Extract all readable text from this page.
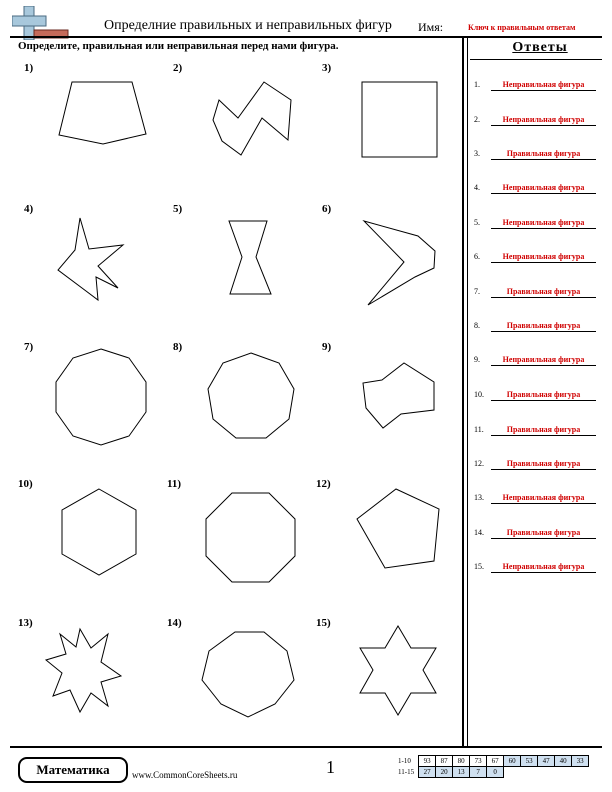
Определние правильных и неправильных фигур Имя:	Ключ к правильным ответам
Определите, правильная или неправильная перед нами фигура.
1)	2)	3)
4)	5)	6)
7)	8)	9)
10)	11)	12)
13)	14)	15)
Ответы
1.	Неправильная фигура
2.	Неправильная фигура
3.	Правильная фигура
4.	Неправильная фигура
5.	Неправильная фигура
6.	Неправильная фигура
7.	Правильная фигура
8.	Правильная фигура
9.	Неправильная фигура
10.	Правильная фигура
11.	Правильная фигура
12.	Правильная фигура
13.	Неправильная фигура
14.	Правильная фигура
15.	Неправильная фигура
Математика	www.CommonCoreSheets.ru	1	1-10	93	87	80	73	67	60	53	47	40	33
11-15	27	20	13	7	0					
